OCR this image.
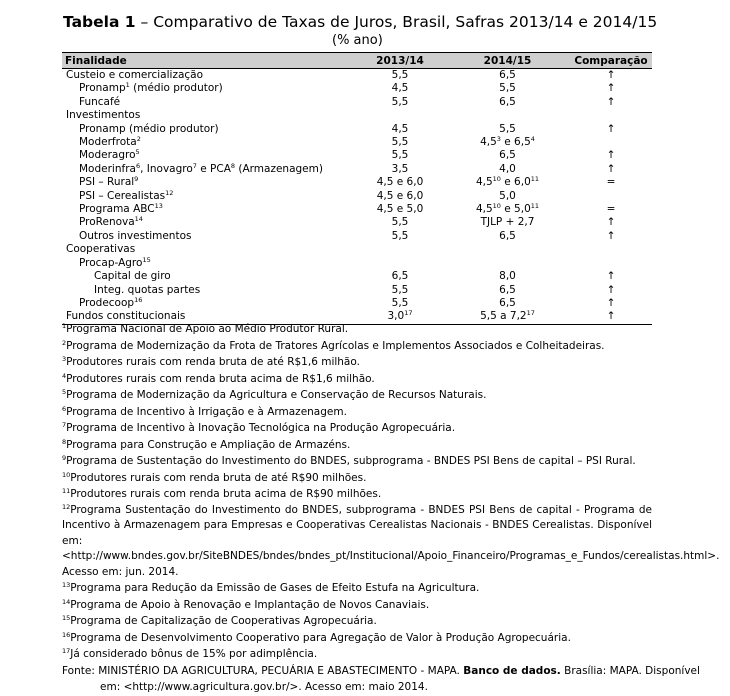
Tabela 1 – Comparativo de Taxas de Juros, Brasil, Safras 2013/14 e 2014/15
(% ano)
Finalidade	2013/14	2014/15	Comparação
Custeio e comercialização	5,5	6,5	↑
Pronamp$^1$ (médio produtor)	4,5	5,5	↑
Funcafé	5,5	6,5	↑
Investimentos			
Pronamp (médio produtor)	4,5	5,5	↑
Moderfrota$^2$	5,5	$4,5^3$ e $6,5^4$	
Moderagro$^5$	5,5	6,5	↑
Moderinfra$^6$, Inovagro$^7$ e PCA$^8$ (Armazenagem)	3,5	4,0	↑
PSI – Rural$^9$	4,5 e 6,0	$4,5^{10}$ e $6,0^{11}$	=
PSI – Cerealistas$^{12}$	4,5 e 6,0	5,0	
Programa ABC$^{13}$	4,5 e 5,0	$4,5^{10}$ e $5,0^{11}$	=
ProRenova$^{14}$	5,5	TJLP + 2,7	↑
Outros investimentos	5,5	6,5	↑
Cooperativas			
Procap-Agro$^{15}$			
Capital de giro	6,5	8,0	↑
Integ. quotas partes	5,5	6,5	↑
Prodecoop$^{16}$	5,5	6,5	↑
Fundos constitucionais	$3,0^{17}$	5,5 a $7,2^{17}$	↑
$^1$Programa Nacional de Apoio ao Médio Produtor Rural.
$^2$Programa de Modernização da Frota de Tratores Agrícolas e Implementos Associados e Colheitadeiras.
$^3$Produtores rurais com renda bruta de até R$1,6 milhão.
$^4$Produtores rurais com renda bruta acima de R$1,6 milhão.
$^5$Programa de Modernização da Agricultura e Conservação de Recursos Naturais.
$^6$Programa de Incentivo à Irrigação e à Armazenagem.
$^7$Programa de Incentivo à Inovação Tecnológica na Produção Agropecuária.
$^8$Programa para Construção e Ampliação de Armazéns.
$^9$Programa de Sustentação do Investimento do BNDES, subprograma - BNDES PSI Bens de capital – PSI Rural.
$^{10}$Produtores rurais com renda bruta de até R$90 milhões.
$^{11}$Produtores rurais com renda bruta acima de R$90 milhões.
$^{12}$Programa Sustentação do Investimento do BNDES, subprograma - BNDES PSI Bens de capital - Programa de Incentivo à Armazenagem para Empresas e Cooperativas Cerealistas Nacionais - BNDES Cerealistas. Disponível em: <http://www.bndes.gov.br/SiteBNDES/bndes/bndes_pt/Institucional/Apoio_Financeiro/Programas_e_Fundos/cerealistas.html>. Acesso em: jun. 2014.
$^{13}$Programa para Redução da Emissão de Gases de Efeito Estufa na Agricultura.
$^{14}$Programa de Apoio à Renovação e Implantação de Novos Canaviais.
$^{15}$Programa de Capitalização de Cooperativas Agropecuária.
$^{16}$Programa de Desenvolvimento Cooperativo para Agregação de Valor à Produção Agropecuária.
$^{17}$Já considerado bônus de 15% por adimplência.
Fonte: MINISTÉRIO DA AGRICULTURA, PECUÁRIA E ABASTECIMENTO - MAPA. Banco de dados. Brasília: MAPA. Disponível
em: <http://www.agricultura.gov.br/>. Acesso em: maio 2014.
